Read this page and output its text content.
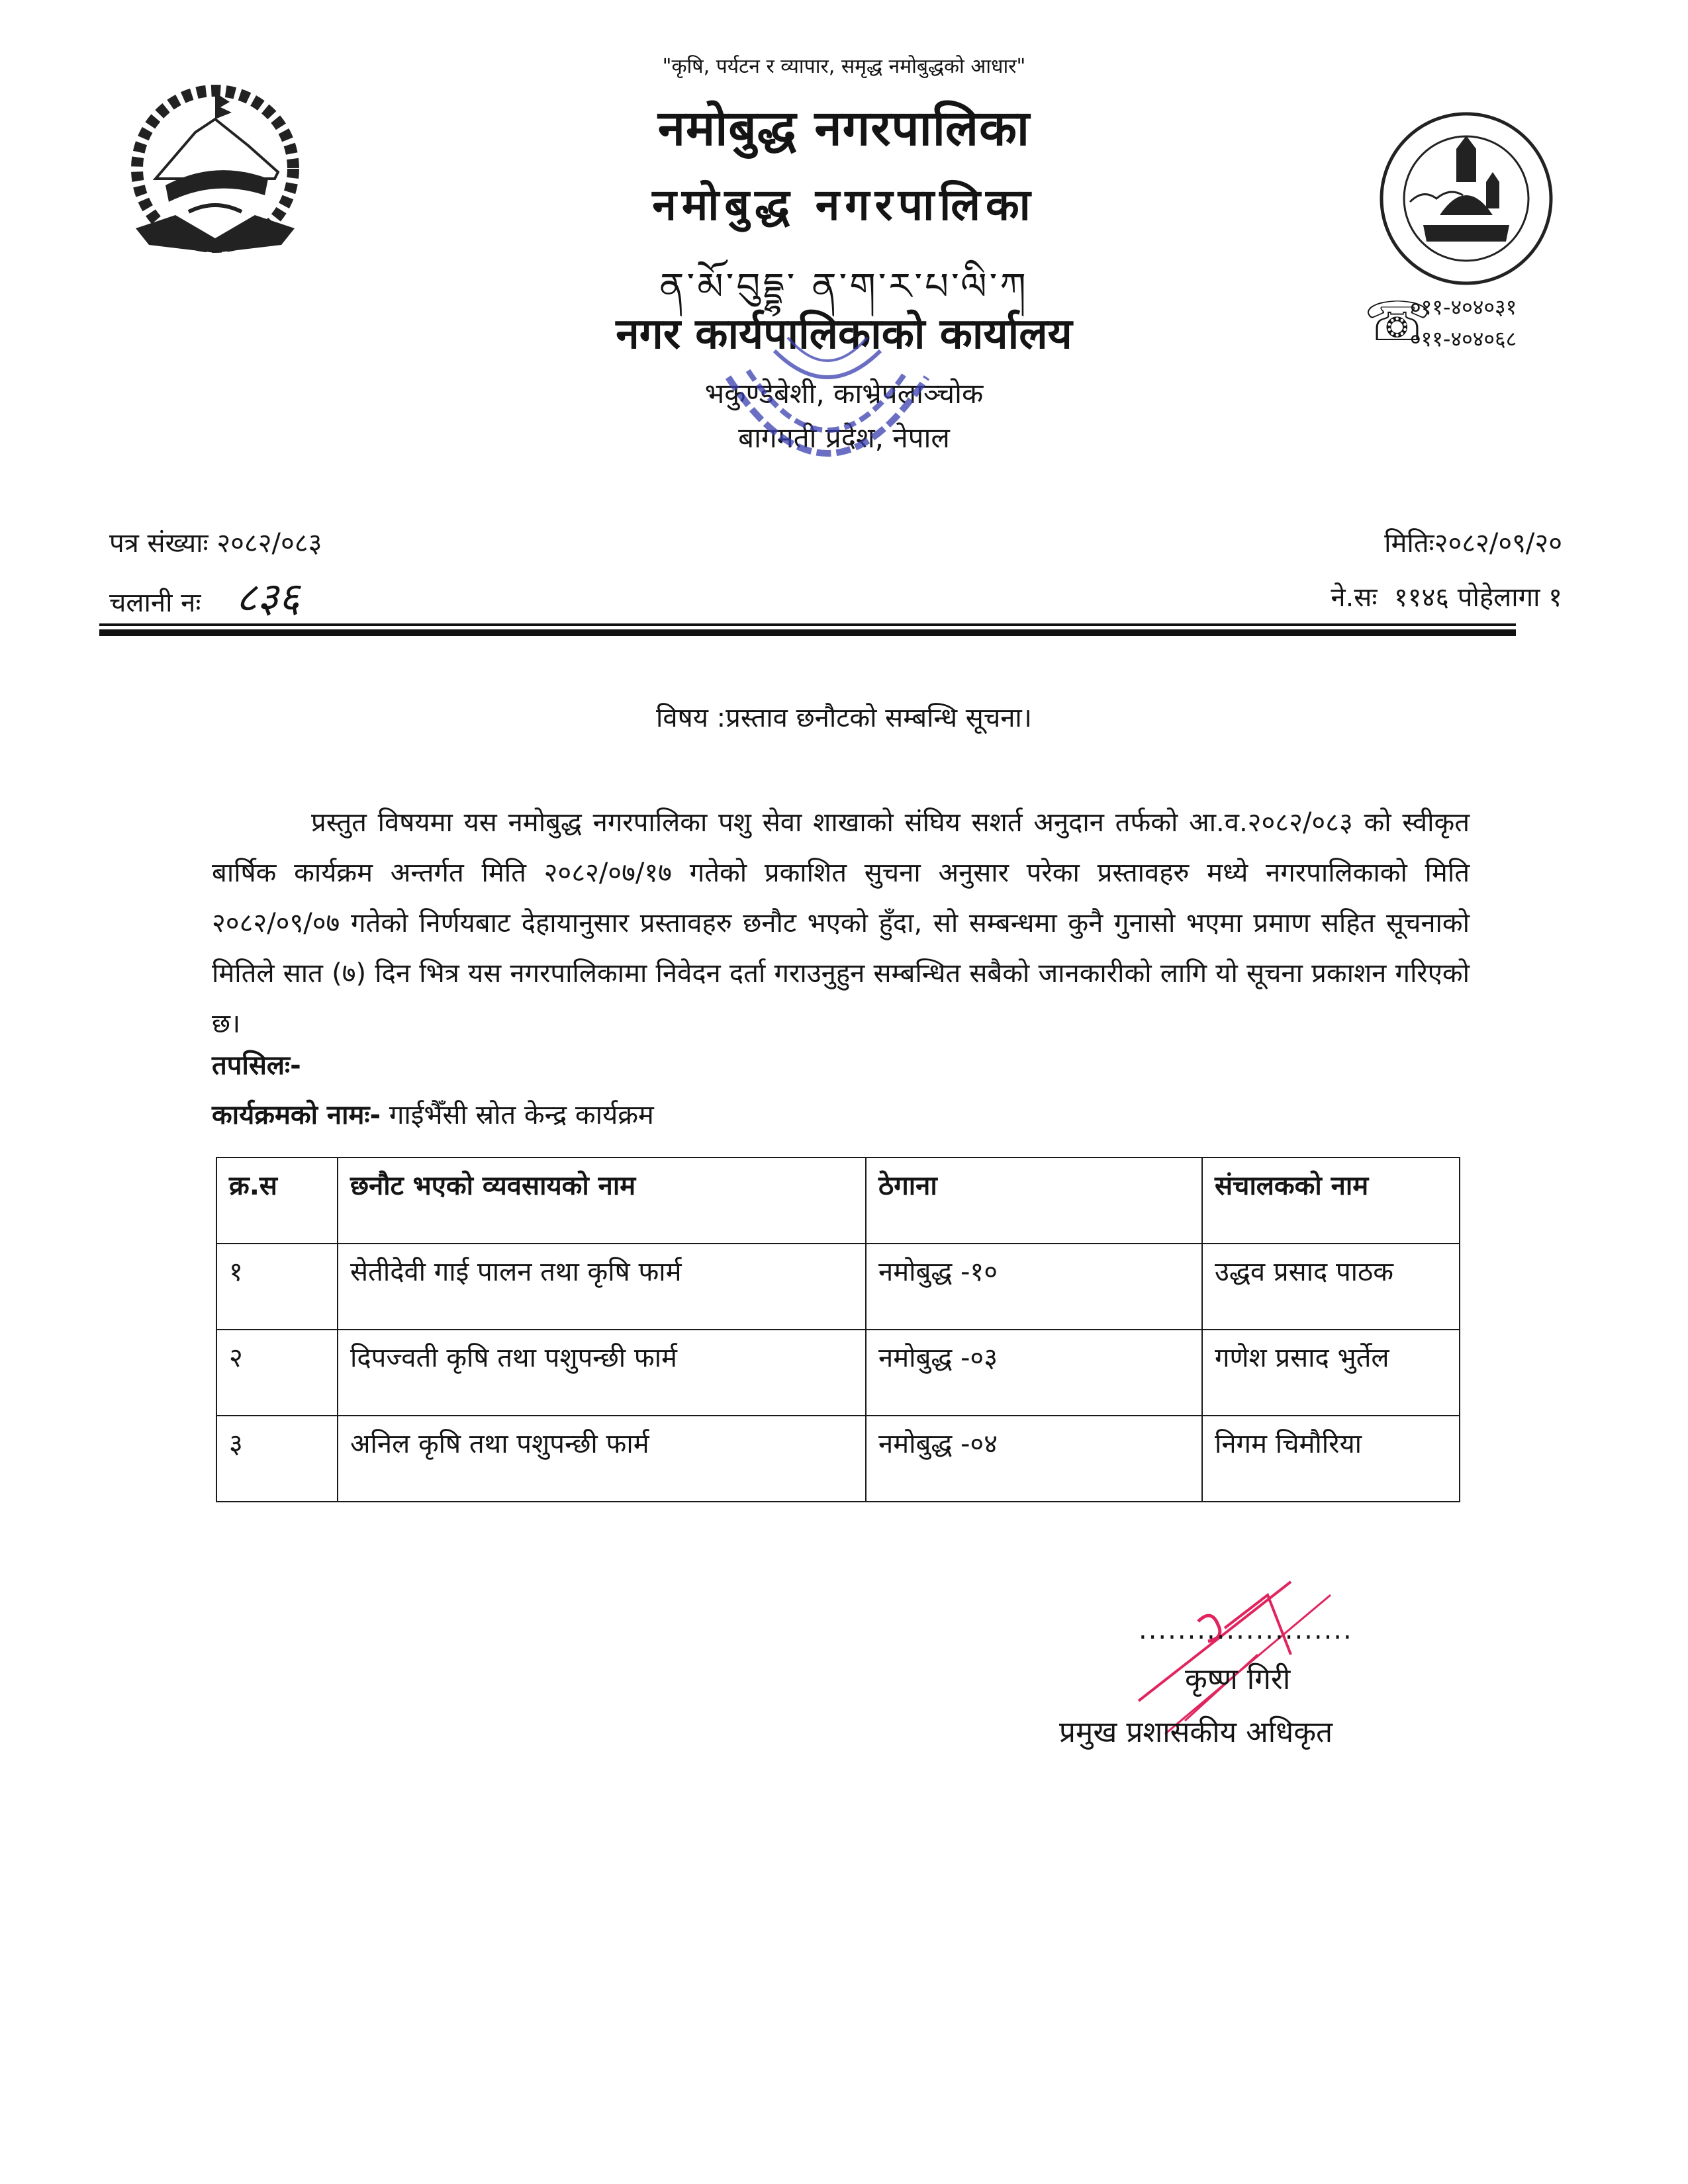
"कृषि, पर्यटन र व्यापार, समृद्ध नमोबुद्धको आधार"
नमोबुद्ध नगरपालिका
नमोबुद्ध नगरपालिका
ན་མོ་བུདྡྷ་ ན་ག་ར་པ་ལི་ཀ
नगर कार्यपालिकाको कार्यालय
भकुण्डेबेशी, काभ्रेपलाञ्चोक
बागमती प्रदेश, नेपाल
☏
०११-४०४०३१
०११-४०४०६८
पत्र संख्याः २०८२/०८३
चलानी नः ८३६
मितिः२०८२/०९/२०
ने.सः ११४६ पोहेलागा १
विषय :प्रस्ताव छनौटको सम्बन्धि सूचना।

प्रस्तुत विषयमा यस नमोबुद्ध नगरपालिका पशु सेवा शाखाको संघिय सशर्त अनुदान तर्फको आ.व.२०८२/०८३ को स्वीकृत बार्षिक कार्यक्रम अन्तर्गत मिति २०८२/०७/१७ गतेको प्रकाशित सुचना अनुसार परेका प्रस्तावहरु मध्ये नगरपालिकाको मिति २०८२/०९/०७ गतेको निर्णयबाट देहायानुसार प्रस्तावहरु छनौट भएको हुँदा, सो सम्बन्धमा कुनै गुनासो भएमा प्रमाण सहित सूचनाको मितिले सात (७) दिन भित्र यस नगरपालिकामा निवेदन दर्ता गराउनुहुन सम्बन्धित सबैको जानकारीको लागि यो सूचना प्रकाशन गरिएको छ।

तपसिलः-
कार्यक्रमको नामः- गाईभैँसी स्रोत केन्द्र कार्यक्रम
क्र.स	छनौट भएको व्यवसायको नाम	ठेगाना	संचालकको नाम
१	सेतीदेवी गाई पालन तथा कृषि फार्म	नमोबुद्ध -१०	उद्धव प्रसाद पाठक
२	दिपज्वती कृषि तथा पशुपन्छी फार्म	नमोबुद्ध -०३	गणेश प्रसाद भुर्तेल
३	अनिल कृषि तथा पशुपन्छी फार्म	नमोबुद्ध -०४	निगम चिमौरिया
......................
कृष्ण गिरी
प्रमुख प्रशासकीय अधिकृत
